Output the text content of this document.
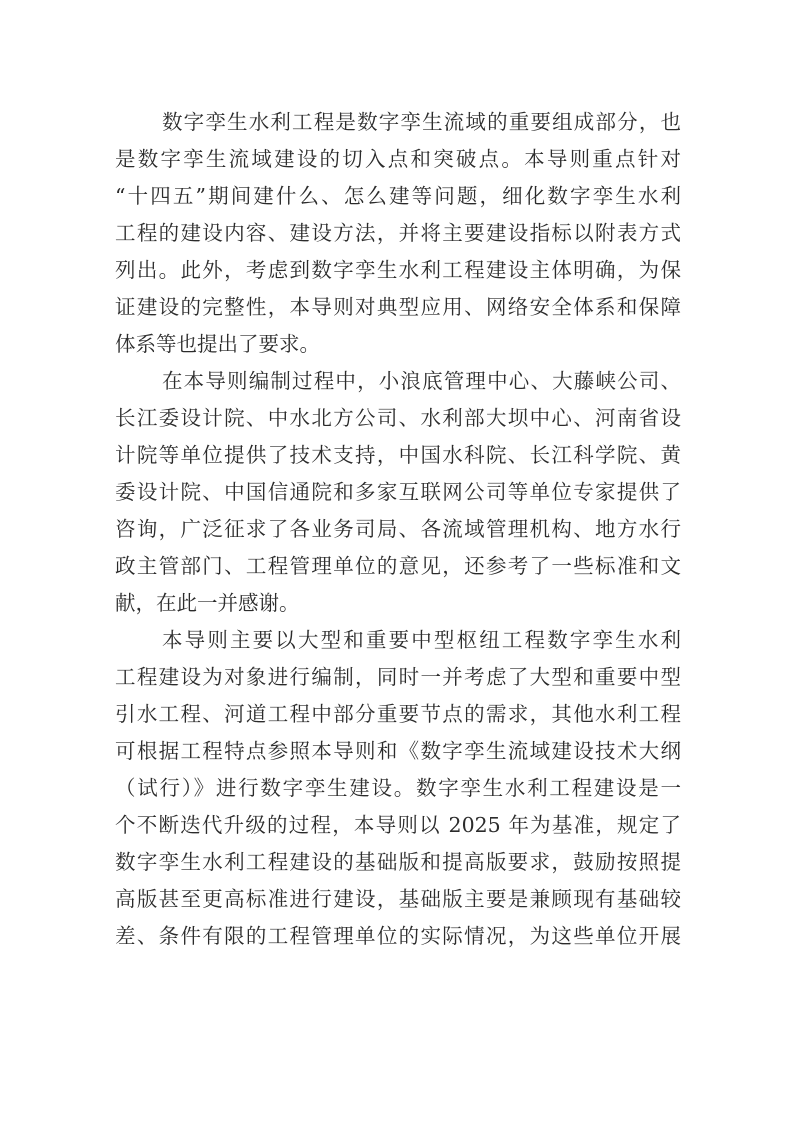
数字孪生水利工程是数字孪生流域的重要组成部分，也
是数字孪生流域建设的切入点和突破点。本导则重点针对
“十四五”期间建什么、怎么建等问题，细化数字孪生水利
工程的建设内容、建设方法，并将主要建设指标以附表方式
列出。此外，考虑到数字孪生水利工程建设主体明确，为保
证建设的完整性，本导则对典型应用、网络安全体系和保障
体系等也提出了要求。
在本导则编制过程中，小浪底管理中心、大藤峡公司、
长江委设计院、中水北方公司、水利部大坝中心、河南省设
计院等单位提供了技术支持，中国水科院、长江科学院、黄
委设计院、中国信通院和多家互联网公司等单位专家提供了
咨询，广泛征求了各业务司局、各流域管理机构、地方水行
政主管部门、工程管理单位的意见，还参考了一些标准和文
献，在此一并感谢。
本导则主要以大型和重要中型枢纽工程数字孪生水利
工程建设为对象进行编制，同时一并考虑了大型和重要中型
引水工程、河道工程中部分重要节点的需求，其他水利工程
可根据工程特点参照本导则和《数字孪生流域建设技术大纲
（试行）》进行数字孪生建设。数字孪生水利工程建设是一
个不断迭代升级的过程，本导则以 2025 年为基准，规定了
数字孪生水利工程建设的基础版和提高版要求，鼓励按照提
高版甚至更高标准进行建设，基础版主要是兼顾现有基础较
差、条件有限的工程管理单位的实际情况，为这些单位开展
